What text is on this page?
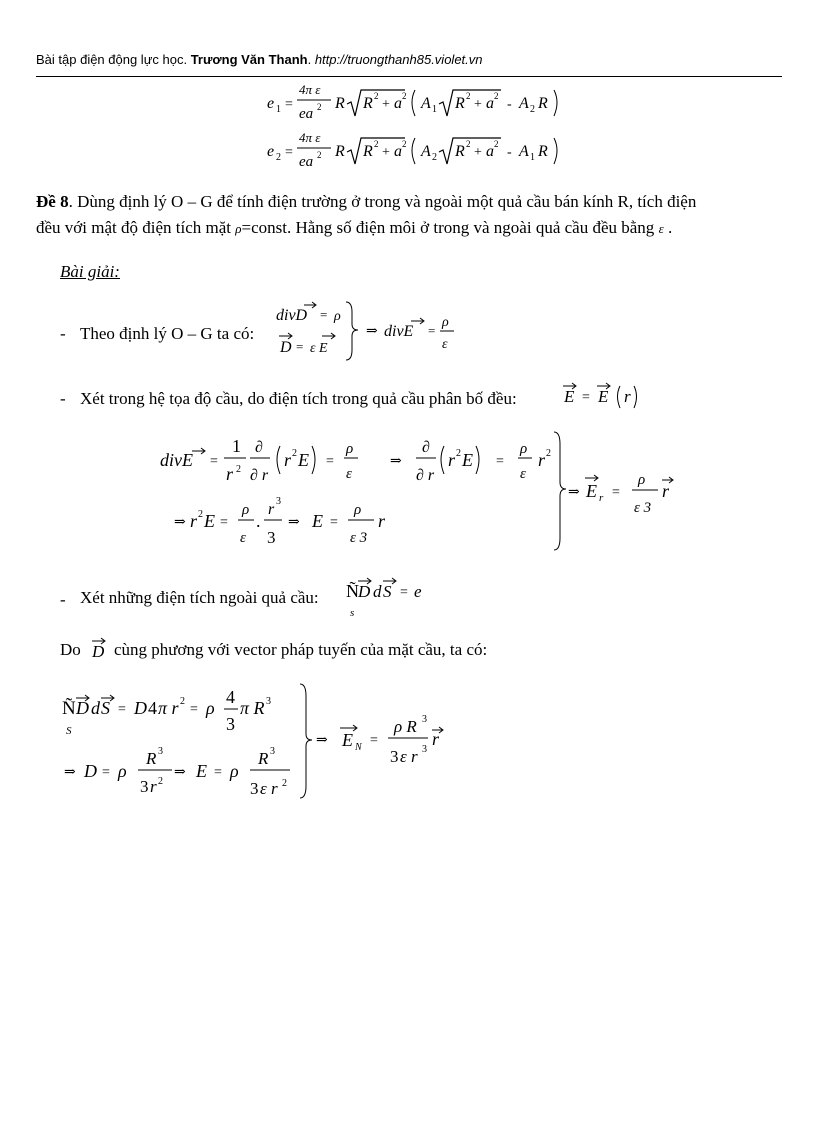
Bài tập điện động lực học. Trương Văn Thanh. http://truongthanh85.violet.vn
e 1 =
4π ε
ea 2 R R 2
+ a 2 A 1 R 2
+ a 2
- A 2 R
e 2 =
4π ε
ea 2 R R 2
+ a 2 A 2 R 2
+ a 2
- A 1 R
Đề 8. Dùng định lý O – G để tính điện trường ở trong và ngoài một quả cầu bán kính R, tích điện
đều với mật độ điện tích mặt ρ=const. Hằng số điện môi ở trong và ngoài quả cầu đều bằng ε .
Bài giải:
- Theo định lý O – G ta có:
divD = ρ
D = ε E
⇒ divE =
ρ
ε
- Xét trong hệ tọa độ cầu, do điện tích trong quả cầu phân bố đều:	E = E r
divE =
1
r 2
∂
∂ r
r 2 E =
ρ
ε
⇒
∂
∂ r
r 2 E =
ρ
ε
r 2
⇒ r 2 E =
ρ
ε
.
r 3
3
⇒ E =
ρ
ε 3
r
⇒ E r =
ρ
ε 3
r
- Xét những điện tích ngoài quả cầu: Ñ D d S = e
s
Do D cùng phương với vector pháp tuyến của mặt cầu, ta có:
Ñ D d S = D 4 π r 2
= ρ
4
3
π R 3
S
⇒ D = ρ
R 3
3 r 2
⇒ E = ρ
R 3
3 ε r 2
⇒ E N =
ρ R 3
3 ε r 3
r
